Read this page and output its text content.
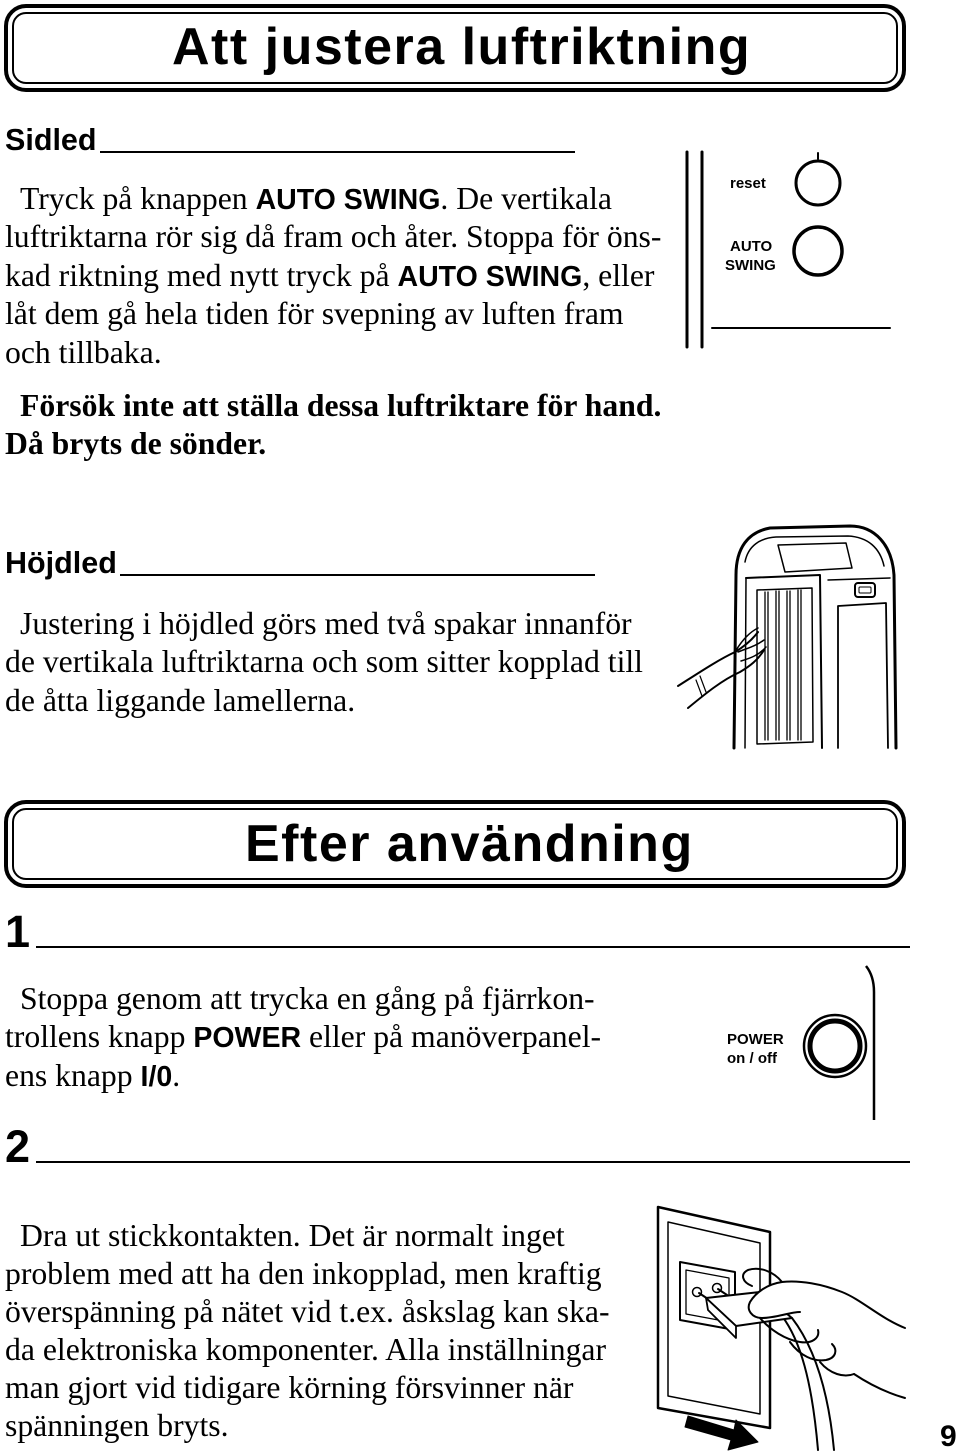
Att justera luftriktning
Sidled
Tryck på knappen AUTO SWING. De vertikala
luftriktarna rör sig då fram och åter. Stoppa för öns-
kad riktning med nytt tryck på AUTO SWING, eller
låt dem gå hela tiden för svepning av luften fram
och tillbaka.
Försök inte att ställa dessa luftriktare för hand.
Då bryts de sönder.
reset
AUTO
SWING
Höjdled
Justering i höjdled görs med två spakar innanför
de vertikala luftriktarna och som sitter kopplad till
de åtta liggande lamellerna.
Efter användning
1
Stoppa genom att trycka en gång på fjärrkon-
trollens knapp POWER eller på manöverpanel-
ens knapp I/0.
POWER
on / off
2
Dra ut stickkontakten. Det är normalt inget
problem med att ha den inkopplad, men kraftig
överspänning på nätet vid t.ex. åskslag kan ska-
da elektroniska komponenter. Alla inställningar
man gjort vid tidigare körning försvinner när
spänningen bryts.	9
